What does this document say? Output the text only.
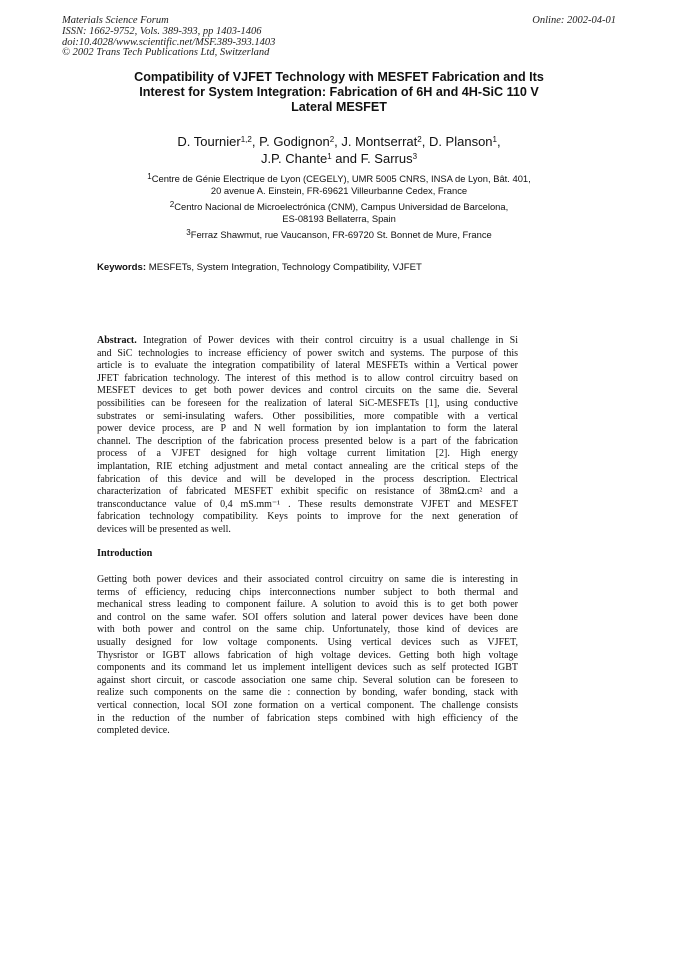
Materials Science Forum
ISSN: 1662-9752, Vols. 389-393, pp 1403-1406
doi:10.4028/www.scientific.net/MSF.389-393.1403
© 2002 Trans Tech Publications Ltd, Switzerland
Online: 2002-04-01
Compatibility of VJFET Technology with MESFET Fabrication and Its
Interest for System Integration: Fabrication of 6H and 4H-SiC 110 V
Lateral MESFET
D. Tournier$^{1,2}$, P. Godignon$^2$, J. Montserrat$^2$, D. Planson$^1$,
J.P. Chante$^1$ and F. Sarrus$^3$
$^1$Centre de Génie Electrique de Lyon (CEGELY), UMR 5005 CNRS, INSA de Lyon, Bât. 401,
20 avenue A. Einstein, FR-69621 Villeurbanne Cedex, France
$^2$Centro Nacional de Microelectrónica (CNM), Campus Universidad de Barcelona,
ES-08193 Bellaterra, Spain
$^3$Ferraz Shawmut, rue Vaucanson, FR-69720 St. Bonnet de Mure, France
Keywords: MESFETs, System Integration, Technology Compatibility, VJFET
Abstract. Integration of Power devices with their control circuitry is a usual challenge in Si
and SiC technologies to increase efficiency of power switch and systems. The purpose of this
article is to evaluate the integration compatibility of lateral MESFETs within a Vertical power
JFET fabrication technology. The interest of this method is to allow control circuitry based on
MESFET devices to get both power devices and control circuits on the same die. Several
possibilities can be foreseen for the realization of lateral SiC-MESFETs [1], using conductive
substrates or semi-insulating wafers. Other possibilities, more compatible with a vertical
power device process, are P and N well formation by ion implantation to form the lateral
channel. The description of the fabrication process presented below is a part of the fabrication
process of a VJFET designed for high voltage current limitation [2]. High energy
implantation, RIE etching adjustment and metal contact annealing are the critical steps of the
fabrication of this device and will be developed in the process description. Electrical
characterization of fabricated MESFET exhibit specific on resistance of 38mΩ.cm² and a
transconductance value of 0,4 mS.mm⁻¹ . These results demonstrate VJFET and MESFET
fabrication technology compatibility. Keys points to improve for the next generation of
devices will be presented as well.
Introduction
Getting both power devices and their associated control circuitry on same die is interesting in
terms of efficiency, reducing chips interconnections number subject to both thermal and
mechanical stress leading to component failure. A solution to avoid this is to get both power
and control on the same wafer. SOI offers solution and lateral power devices have been done
with both power and control on the same chip. Unfortunately, those kind of devices are
usually designed for low voltage components. Using vertical devices such as VJFET,
Thysristor or IGBT allows fabrication of high voltage devices. Getting both high voltage
components and its command let us implement intelligent devices such as self protected IGBT
against short circuit, or cascode association one same chip. Several solution can be foreseen to
realize such components on the same die : connection by bonding, wafer bonding, stack with
vertical connection, local SOI zone formation on a vertical component. The challenge consists
in the reduction of the number of fabrication steps combined with high efficiency of the
completed device.
